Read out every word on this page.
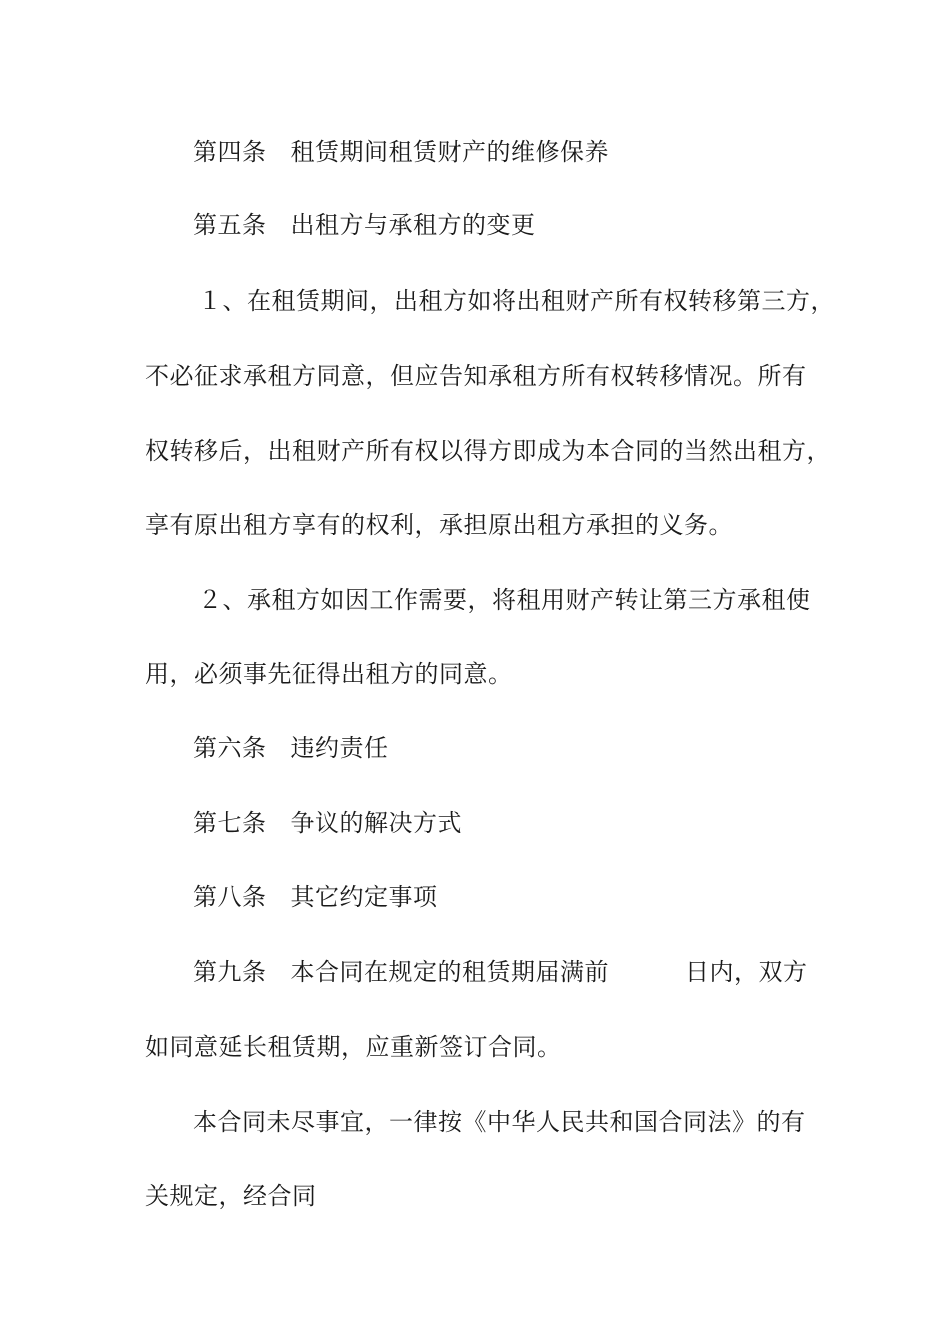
第四条 租赁期间租赁财产的维修保养
第五条 出租方与承租方的变更
１、在租赁期间，出租方如将出租财产所有权转移第三方，
不必征求承租方同意，但应告知承租方所有权转移情况。所有
权转移后，出租财产所有权以得方即成为本合同的当然出租方，
享有原出租方享有的权利，承担原出租方承担的义务。
２、承租方如因工作需要，将租用财产转让第三方承租使
用，必须事先征得出租方的同意。
第六条 违约责任
第七条 争议的解决方式
第八条 其它约定事项
第九条 本合同在规定的租赁期届满前	日内，双方
如同意延长租赁期，应重新签订合同。
本合同未尽事宜，一律按《中华人民共和国合同法》的有
关规定，经合同
